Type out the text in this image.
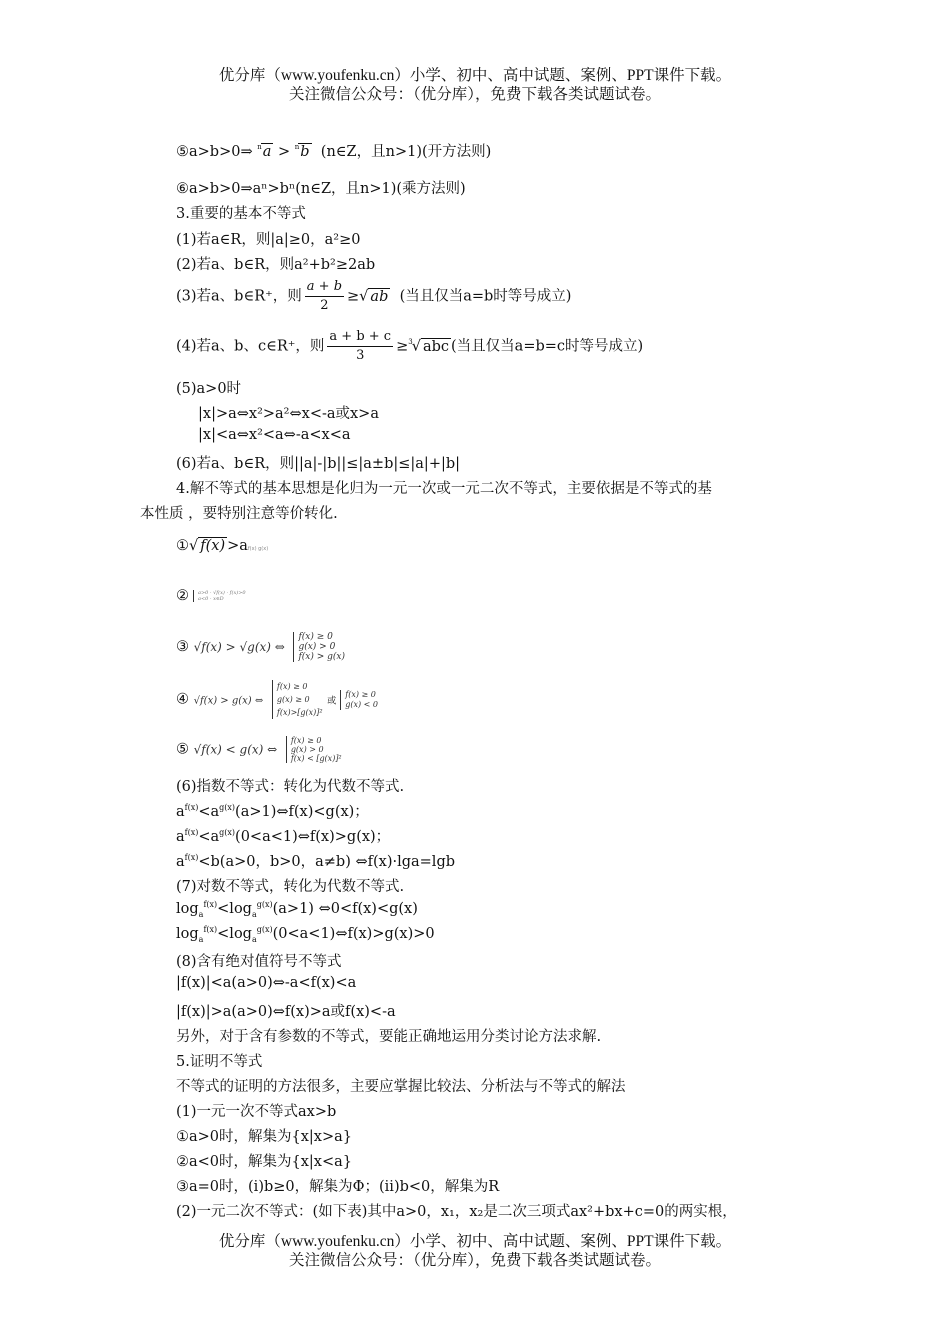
优分库（www.youfenku.cn）小学、初中、高中试题、案例、PPT课件下载。
关注微信公众号：（优分库），免费下载各类试题试卷。
⑤a>b>0⇒ $^n$a > $^n$b (n∈Z，且n>1)(开方法则)
⑥a>b>0⇒aⁿ>bⁿ(n∈Z，且n>1)(乘方法则)
3.重要的基本不等式
(1)若a∈R，则|a|≥0，a²≥0
(2)若a、b∈R，则a²+b²≥2ab
(3)若a、b∈R⁺，则 $\frac{a + b}{2}$ ≥√ ab (当且仅当a=b时等号成立)
(4)若a、b、c∈R⁺，则 $\frac{a + b + c}{3} \ge^3√$ abc (当且仅当a=b=c时等号成立)
(5)a>0时
|x|>a⇔x²>a²⇔x<-a或x>a
|x|<a⇔x²<a⇔-a<x<a
(6)若a、b∈R，则||a|-|b||≤|a±b|≤|a|+|b|
4.解不等式的基本思想是化归为一元一次或一元二次不等式，主要依据是不等式的基
本性质 ，要特别注意等价转化.
①√ f(x) >af(x) g(x)
② a>0 · √f(x) · f(x)>0
a<0 · x∈D
③ √f(x) > √g(x) ⇔ f(x) ≥ 0
g(x) > 0
f(x) > g(x)
④ √f(x) > g(x) ⇔ f(x) ≥ 0
g(x) ≥ 0
f(x)>[g(x)]² 或f(x) ≥ 0
g(x) < 0
⑤ √f(x) < g(x) ⇔ f(x) ≥ 0
g(x) > 0
f(x) < [g(x)]²
(6)指数不等式：转化为代数不等式.
$a^{f(x)}<a^{g(x)}(a>1)\Leftrightarrow f(x)<g(x)$；
$a^{f(x)}<a^{g(x)}(0<a<1)\Leftrightarrow f(x)>g(x)$；
$a^{f(x)}<b(a>0$，b>0，a≠b) ⇔f(x)·lga=lgb
(7)对数不等式，转化为代数不等式.
$\log_a^{f(x)}<\log_a^{g(x)}(a>1)$ ⇔0<f(x)<g(x)
$\log_a^{f(x)}<\log_a^{g(x)}(0<a<1)\Leftrightarrow f(x)>g(x)>0$
(8)含有绝对值符号不等式
|f(x)|<a(a>0)⇔-a<f(x)<a
|f(x)|>a(a>0)⇔f(x)>a或f(x)<-a
另外，对于含有参数的不等式，要能正确地运用分类讨论方法求解.
5.证明不等式
不等式的证明的方法很多，主要应掌握比较法、分析法与不等式的解法
(1)一元一次不等式ax>b
①a>0时，解集为{x|x>a}
②a<0时，解集为{x|x<a}
③a=0时，(ⅰ)b≥0，解集为Φ；(ⅱ)b<0，解集为R
(2)一元二次不等式：(如下表)其中a>0，x₁，x₂是二次三项式ax²+bx+c=0的两实根，
优分库（www.youfenku.cn）小学、初中、高中试题、案例、PPT课件下载。
关注微信公众号：（优分库），免费下载各类试题试卷。
